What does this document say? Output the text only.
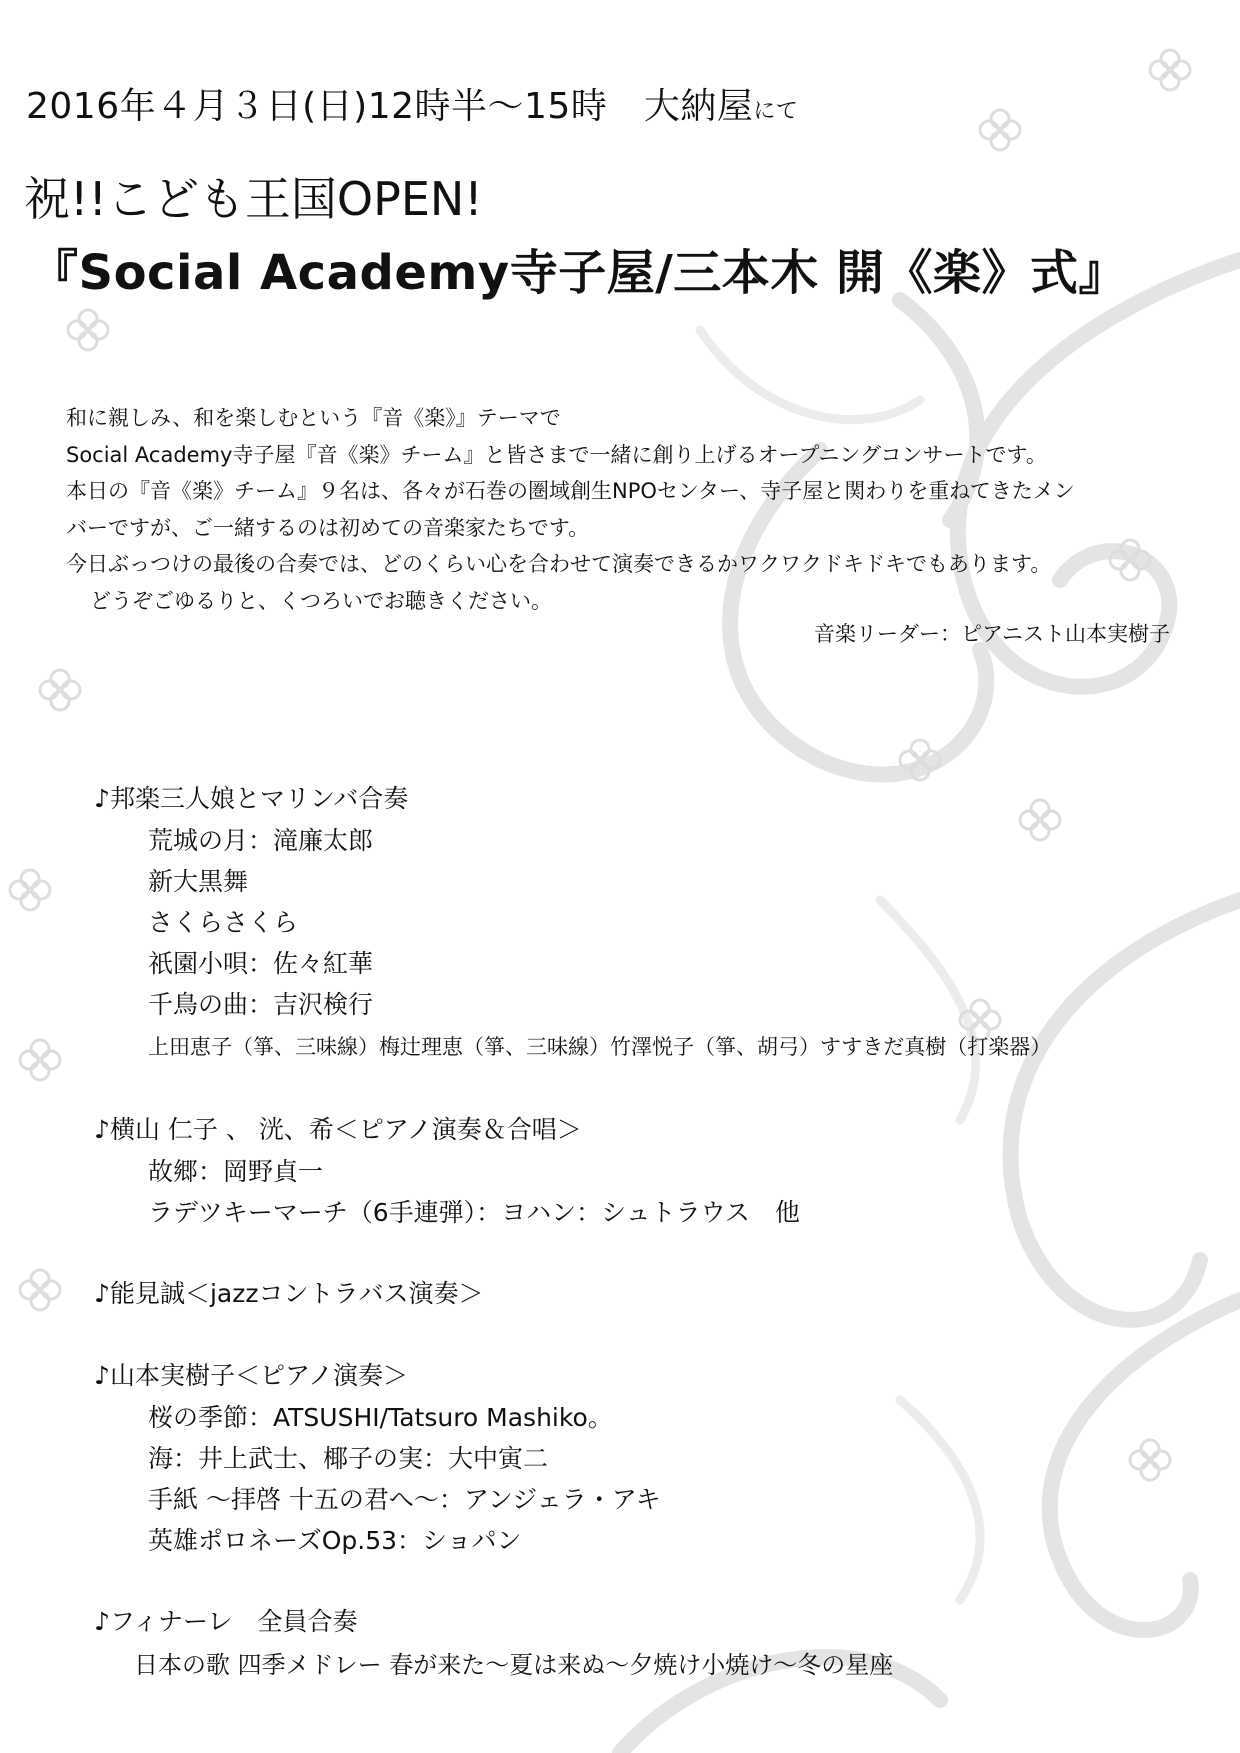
2016年４月３日(日)12時半〜15時　大納屋にて
祝!!こども王国OPEN!
『Social Academy寺子屋/三本木 開《楽》式』
和に親しみ、和を楽しむという『音《楽》』テーマで
Social Academy寺子屋『音《楽》チーム』と皆さまで一緒に創り上げるオープニングコンサートです。
本日の『音《楽》チーム』９名は、各々が石巻の圏域創生NPOセンター、寺子屋と関わりを重ねてきたメン
バーですが、ご一緒するのは初めての音楽家たちです。
今日ぶっつけの最後の合奏では、どのくらい心を合わせて演奏できるかワクワクドキドキでもあります。
どうぞごゆるりと、くつろいでお聴きください。
音楽リーダー：ピアニスト山本実樹子
♪邦楽三人娘とマリンバ合奏
荒城の月：滝廉太郎
新大黒舞
さくらさくら
祇園小唄：佐々紅華
千鳥の曲：吉沢検行
上田恵子（箏、三味線）梅辻理恵（箏、三味線）竹澤悦子（箏、胡弓）すすきだ真樹（打楽器）
♪横山 仁子 、 洸、希＜ピアノ演奏＆合唱＞
故郷：岡野貞一
ラデツキーマーチ（6手連弾）：ヨハン：シュトラウス　他
♪能見誠＜jazzコントラバス演奏＞
♪山本実樹子＜ピアノ演奏＞
桜の季節：ATSUSHI/Tatsuro Mashiko。
海：井上武士、椰子の実：大中寅二
手紙 〜拝啓 十五の君へ〜：アンジェラ・アキ
英雄ポロネーズOp.53：ショパン
♪フィナーレ　全員合奏
日本の歌 四季メドレー 春が来た〜夏は来ぬ〜夕焼け小焼け〜冬の星座
